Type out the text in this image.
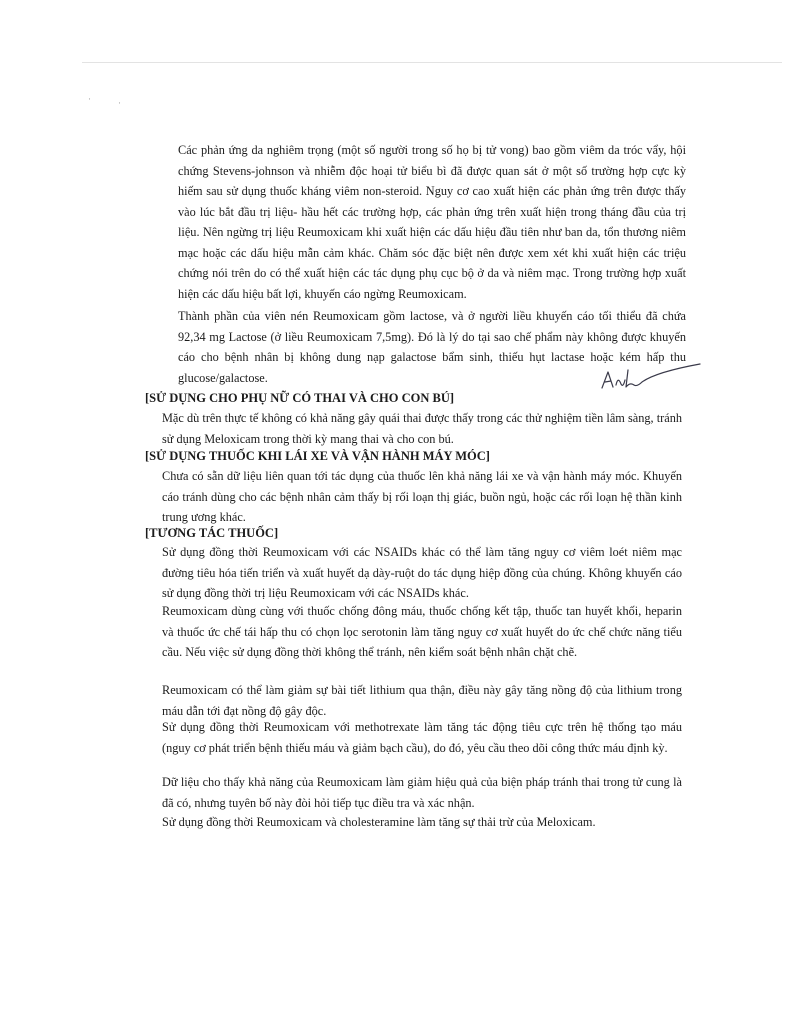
·	·

Các phản ứng da nghiêm trọng (một số người trong số họ bị tử vong) bao gồm viêm da tróc vẩy, hội chứng Stevens-johnson và nhiễm độc hoại tử biểu bì đã được quan sát ở một số trường hợp cực kỳ hiếm sau sử dụng thuốc kháng viêm non-steroid. Nguy cơ cao xuất hiện các phản ứng trên được thấy vào lúc bắt đầu trị liệu- hầu hết các trường hợp, các phản ứng trên xuất hiện trong tháng đầu của trị liệu. Nên ngừng trị liệu Reumoxicam khi xuất hiện các dấu hiệu đầu tiên như ban da, tổn thương niêm mạc hoặc các dấu hiệu mẫn cảm khác. Chăm sóc đặc biệt nên được xem xét khi xuất hiện các triệu chứng nói trên do có thể xuất hiện các tác dụng phụ cục bộ ở da và niêm mạc. Trong trường hợp xuất hiện các dấu hiệu bất lợi, khuyến cáo ngừng Reumoxicam.

Thành phần của viên nén Reumoxicam gồm lactose, và ở người liều khuyến cáo tối thiểu đã chứa 92,34 mg Lactose (ở liều Reumoxicam 7,5mg). Đó là lý do tại sao chế phẩm này không được khuyến cáo cho bệnh nhân bị không dung nạp galactose bẩm sinh, thiếu hụt lactase hoặc kém hấp thu glucose/galactose.

[SỬ DỤNG CHO PHỤ NỮ CÓ THAI VÀ CHO CON BÚ]

Mặc dù trên thực tế không có khả năng gây quái thai được thấy trong các thử nghiệm tiền lâm sàng, tránh sử dụng Meloxicam trong thời kỳ mang thai và cho con bú.

[SỬ DỤNG THUỐC KHI LÁI XE VÀ VẬN HÀNH MÁY MÓC]

Chưa có sẵn dữ liệu liên quan tới tác dụng của thuốc lên khả năng lái xe và vận hành máy móc. Khuyến cáo tránh dùng cho các bệnh nhân cảm thấy bị rối loạn thị giác, buồn ngủ, hoặc các rối loạn hệ thần kinh trung ương khác.

[TƯƠNG TÁC THUỐC]

Sử dụng đồng thời Reumoxicam với các NSAIDs khác có thể làm tăng nguy cơ viêm loét niêm mạc đường tiêu hóa tiến triển và xuất huyết dạ dày-ruột do tác dụng hiệp đồng của chúng. Không khuyến cáo sử dụng đồng thời trị liệu Reumoxicam với các NSAIDs khác.

Reumoxicam dùng cùng với thuốc chống đông máu, thuốc chống kết tập, thuốc tan huyết khối, heparin và thuốc ức chế tái hấp thu có chọn lọc serotonin làm tăng nguy cơ xuất huyết do ức chế chức năng tiểu cầu. Nếu việc sử dụng đồng thời không thể tránh, nên kiểm soát bệnh nhân chặt chẽ.

Reumoxicam có thể làm giảm sự bài tiết lithium qua thận, điều này gây tăng nồng độ của lithium trong máu dẫn tới đạt nồng độ gây độc.

Sử dụng đồng thời Reumoxicam với methotrexate làm tăng tác động tiêu cực trên hệ thống tạo máu (nguy cơ phát triển bệnh thiếu máu và giảm bạch cầu), do đó, yêu cầu theo dõi công thức máu định kỳ.

Dữ liệu cho thấy khả năng của Reumoxicam làm giảm hiệu quả của biện pháp tránh thai trong tử cung là đã có, nhưng tuyên bố này đòi hỏi tiếp tục điều tra và xác nhận.

Sử dụng đồng thời Reumoxicam và cholesteramine làm tăng sự thải trừ của Meloxicam.
